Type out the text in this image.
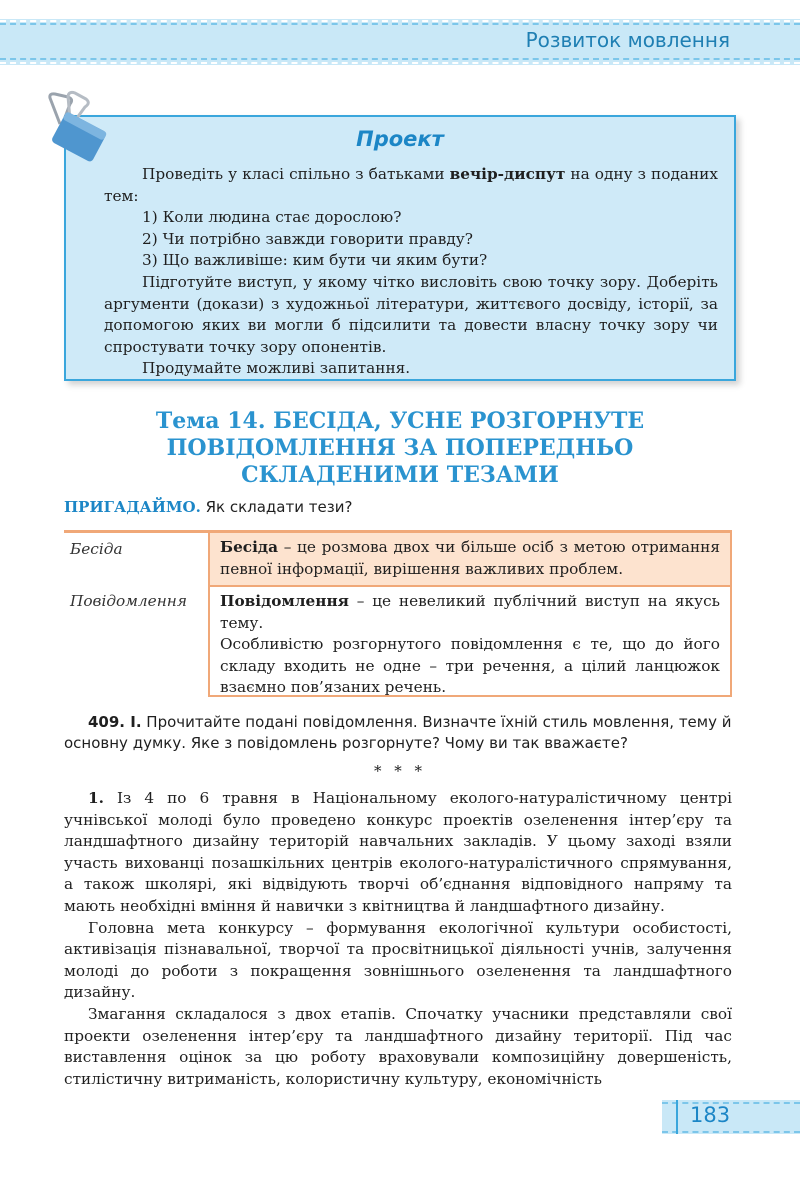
Розвиток мовлення
Проект

Проведіть у класі спільно з батьками вечір-диспут на одну з поданих тем:

1) Коли людина стає дорослою?

2) Чи потрібно завжди говорити правду?

3) Що важливіше: ким бути чи яким бути?

Підготуйте виступ, у якому чітко висловіть свою точку зору. Доберіть аргументи (докази) з художньої літератури, життєвого досвіду, історії, за допомогою яких ви могли б підсилити та довести власну точку зору чи спростувати точку зору опонентів.

Продумайте можливі запитання.

Тема 14. БЕСІДА, УСНЕ РОЗГОРНУТЕ
ПОВІДОМЛЕННЯ ЗА ПОПЕРЕДНЬО
СКЛАДЕНИМИ ТЕЗАМИ
ПРИГАДАЙМО. Як складати тези?
Бесіда	Бесіда – це розмова двох чи більше осіб з метою отримання певної інформації, вирішення важливих проблем.

Повідомлення Повідомлення – це невеликий публічний виступ на якусь тему.

Особливістю розгорнутого повідомлення є те, що до його складу входить не одне – три речення, а цілий ланцюжок взаємно пов’язаних речень.

409. І. Прочитайте подані повідомлення. Визначте їхній стиль мовлення, тему й основну думку. Яке з повідомлень розгорнуте? Чому ви так вважаєте?

* * *

1. Із 4 по 6 травня в Національному еколого-натуралістичному центрі учнівської молоді було проведено конкурс проектів озеленення інтер’єру та ландшафтного дизайну територій навчальних закладів. У цьому заході взяли участь вихованці позашкільних центрів еколого-натуралістичного спрямування, а також школярі, які відвідують творчі об’єднання відповідного напряму та мають необхідні вміння й навички з квітництва й ландшафтного дизайну.

Головна мета конкурсу – формування екологічної культури особистості, активізація пізнавальної, творчої та просвітницької діяльності учнів, залучення молоді до роботи з покращення зовнішнього озеленення та ландшафтного дизайну.

Змагання складалося з двох етапів. Спочатку учасники представляли свої проекти озеленення інтер’єру та ландшафтного дизайну території. Під час виставлення оцінок за цю роботу враховували композиційну довершеність, стилістичну витриманість, колористичну культуру, економічність

183
